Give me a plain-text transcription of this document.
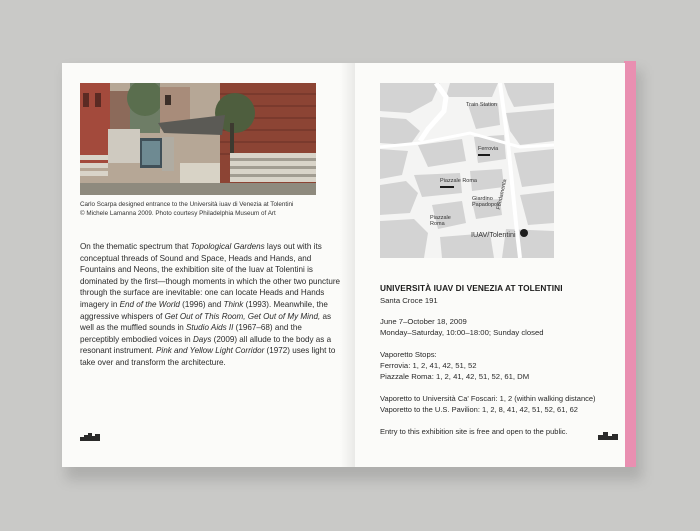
Carlo Scarpa designed entrance to the Università iuav di Venezia at Tolentini
© Michele Lamanna 2009. Photo courtesy Philadelphia Museum of Art
On the thematic spectrum that Topological Gardens lays out with its conceptual threads of Sound and Space, Heads and Hands, and Fountains and Neons, the exhibition site of the Iuav at Tolentini is dominated by the first—though moments in which the other two puncture through the surface are inevitable: one can locate Heads and Hands imagery in End of the World (1996) and Think (1993). Meanwhile, the aggressive whispers of Get Out of This Room, Get Out of My Mind, as well as the muffled sounds in Studio Aids II (1967–68) and the perceptibly embodied voices in Days (2009) all allude to the body as a resonant instrument. Pink and Yellow Light Corridor (1972) uses light to take over and transform the architecture.
Train Station
Ferrovia
Piazzale Roma
Giardino
Papadopoli
Piazzale
Roma
Fondamenta
IUAV/Tolentini
UNIVERSITÀ IUAV DI VENEZIA AT TOLENTINI
Santa Croce 191
June 7–October 18, 2009
Monday–Saturday, 10:00–18:00; Sunday closed
Vaporetto Stops:
Ferrovia: 1, 2, 41, 42, 51, 52
Piazzale Roma: 1, 2, 41, 42, 51, 52, 61, DM
Vaporetto to Università Ca' Foscari: 1, 2 (within walking distance)
Vaporetto to the U.S. Pavilion: 1, 2, 8, 41, 42, 51, 52, 61, 62
Entry to this exhibition site is free and open to the public.
